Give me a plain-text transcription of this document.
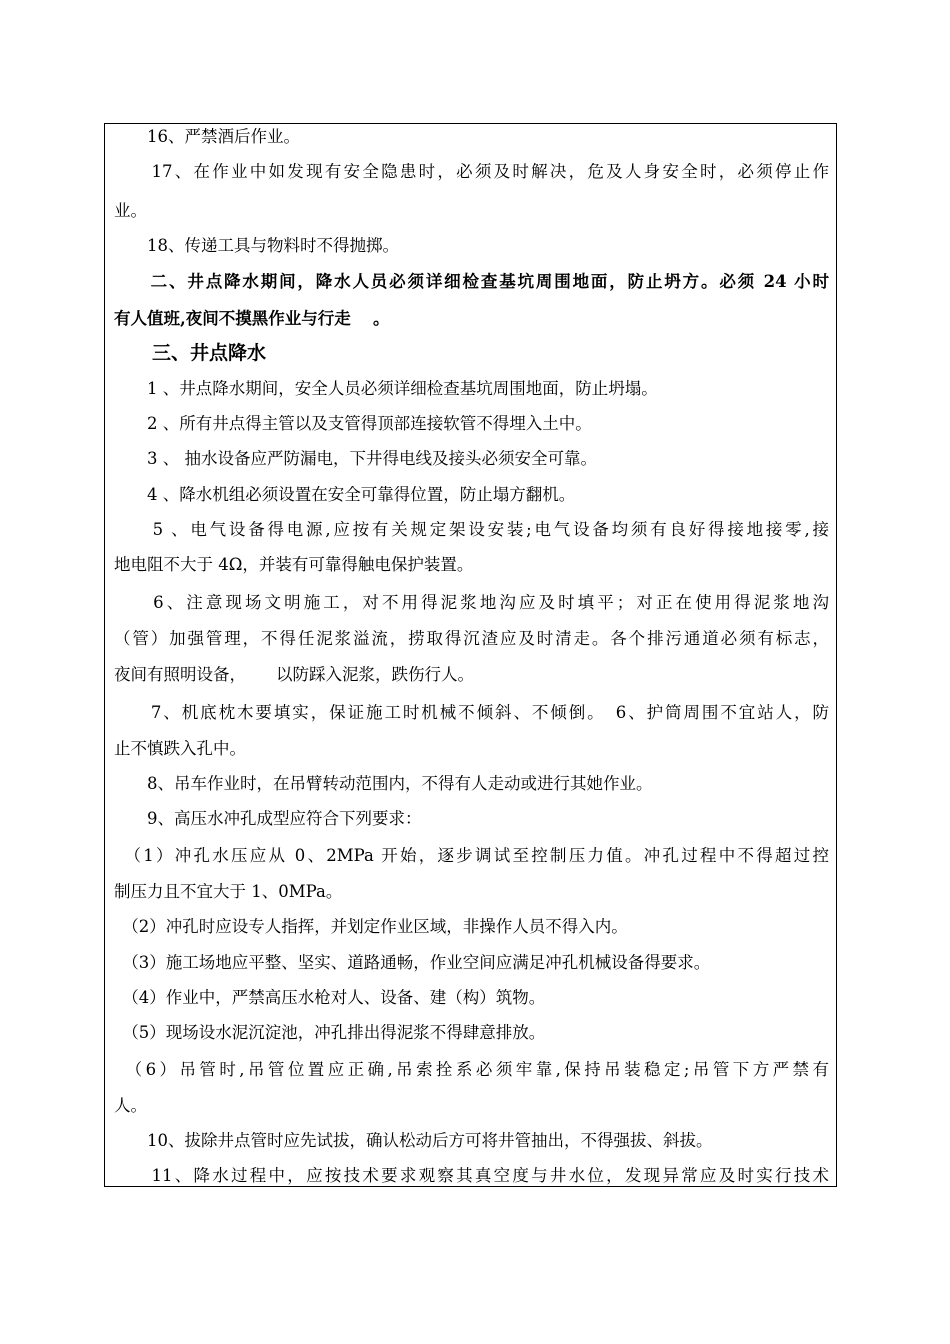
　　16、严禁酒后作业。
　　17、在作业中如发现有安全隐患时，必须及时解决，危及人身安全时，必须停止作
业。
　　18、传递工具与物料时不得抛掷。
　　二、井点降水期间，降水人员必须详细检查基坑周围地面，防止坍方。必须 24 小时
有人值班,夜间不摸黑作业与行走　 。
　　三、井点降水
　　1 、井点降水期间，安全人员必须详细检查基坑周围地面，防止坍塌。
　　2 、所有井点得主管以及支管得顶部连接软管不得埋入土中。
　　3 、 抽水设备应严防漏电，下井得电线及接头必须安全可靠。
　　4 、降水机组必须设置在安全可靠得位置，防止塌方翻机。
　　5 、电气设备得电源,应按有关规定架设安装;电气设备均须有良好得接地接零,接
地电阻不大于 4Ω，并装有可靠得触电保护装置。
　　6、注意现场文明施工，对不用得泥浆地沟应及时填平；对正在使用得泥浆地沟
（管）加强管理，不得任泥浆溢流，捞取得沉渣应及时清走。各个排污通道必须有标志，
夜间有照明设备，　　 以防踩入泥浆，跌伤行人。
　　7、机底枕木要填实，保证施工时机械不倾斜、不倾倒。　6、护筒周围不宜站人，防
止不慎跌入孔中。
　　8、吊车作业时，在吊臂转动范围内，不得有人走动或进行其她作业。
　　9、高压水冲孔成型应符合下列要求：
　（1）冲孔水压应从 0、2MPa 开始，逐步调试至控制压力值。冲孔过程中不得超过控
制压力且不宜大于 1、0MPa。
　（2）冲孔时应设专人指挥，并划定作业区域，非操作人员不得入内。
　（3）施工场地应平整、坚实、道路通畅，作业空间应满足冲孔机械设备得要求。
　（4）作业中，严禁高压水枪对人、设备、建（构）筑物。
　（5）现场设水泥沉淀池，冲孔排出得泥浆不得肆意排放。
　（6）吊管时,吊管位置应正确,吊索拴系必须牢靠,保持吊装稳定;吊管下方严禁有
人。
　　10、拔除井点管时应先试拔，确认松动后方可将井管抽出，不得强拔、斜拔。
　　11、降水过程中，应按技术要求观察其真空度与井水位，发现异常应及时实行技术
